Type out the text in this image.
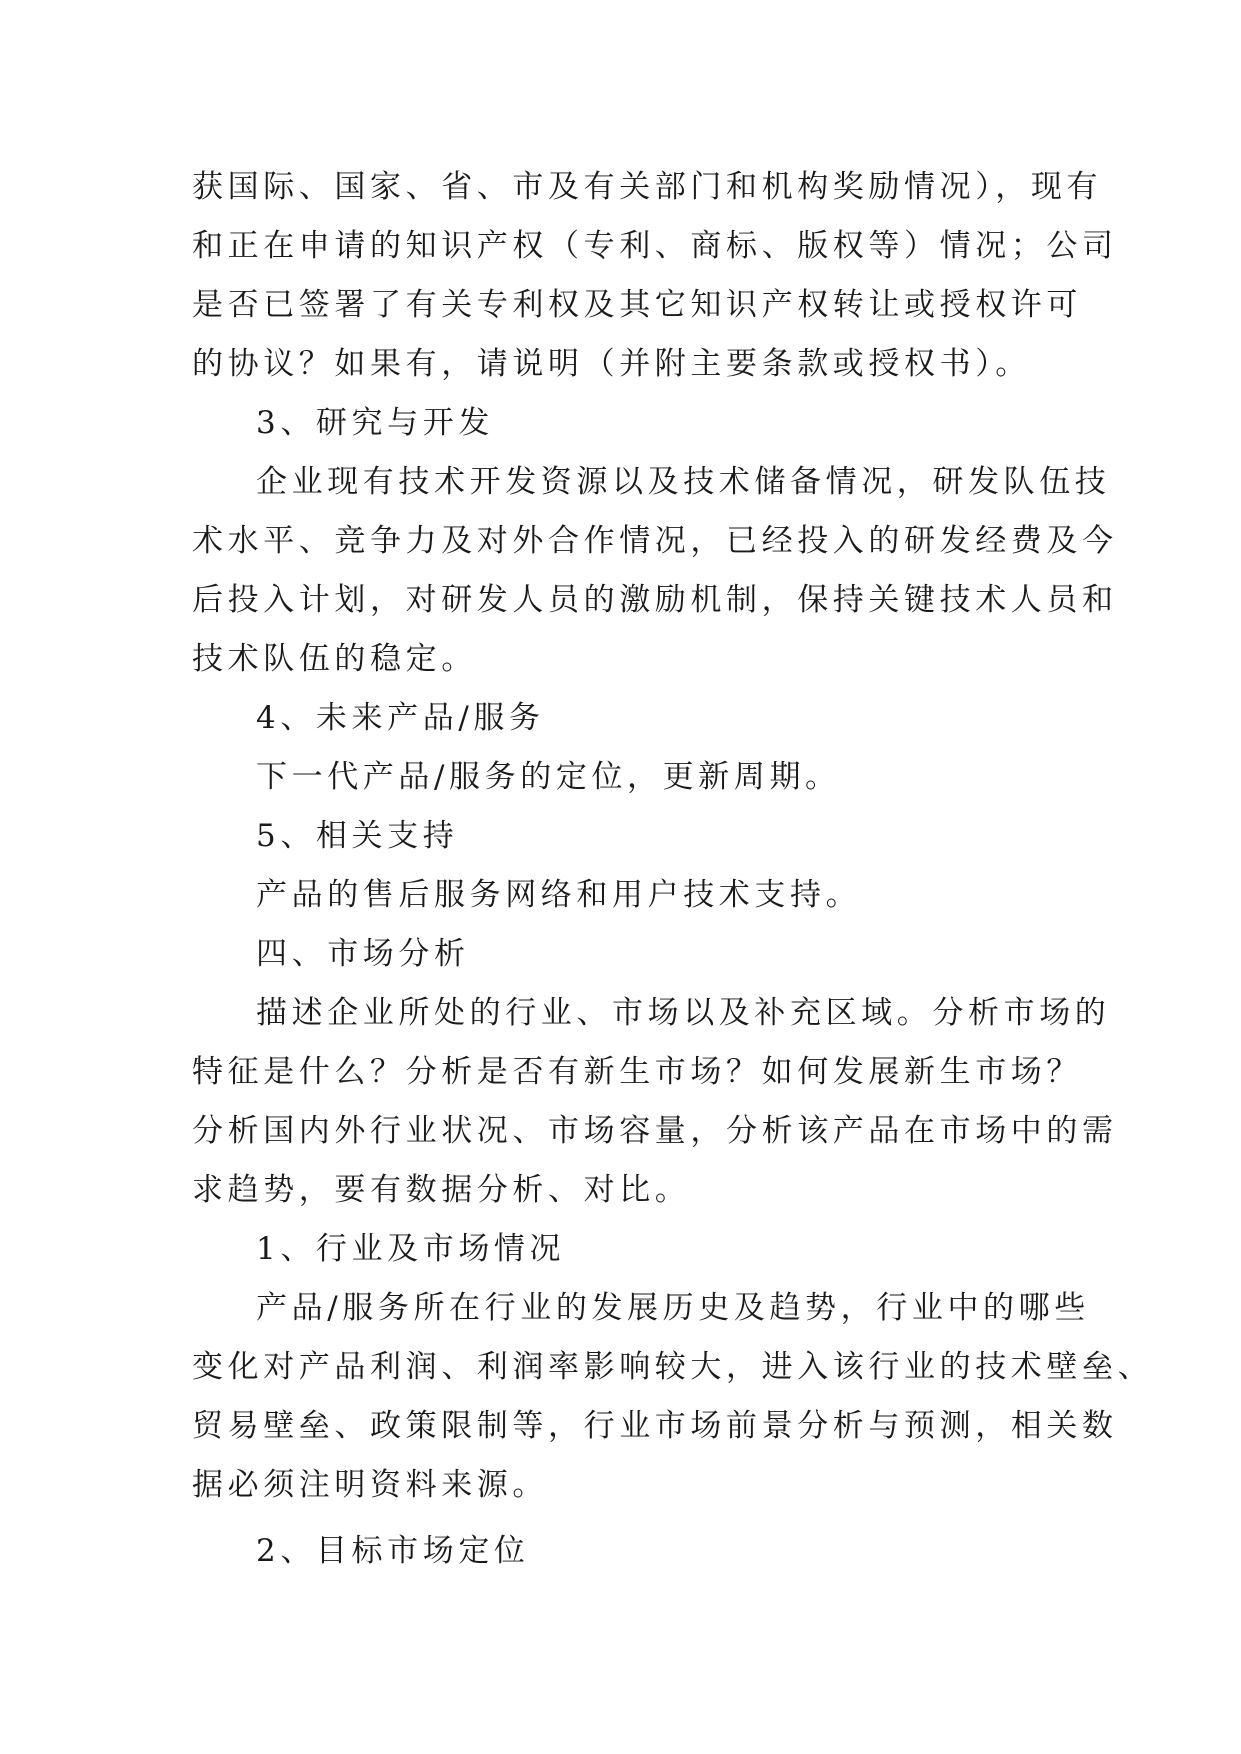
获国际、国家、省、市及有关部门和机构奖励情况），现有
和正在申请的知识产权（专利、商标、版权等）情况；公司
是否已签署了有关专利权及其它知识产权转让或授权许可
的协议？如果有，请说明（并附主要条款或授权书）。
3、研究与开发
企业现有技术开发资源以及技术储备情况，研发队伍技
术水平、竞争力及对外合作情况，已经投入的研发经费及今
后投入计划，对研发人员的激励机制，保持关键技术人员和
技术队伍的稳定。
4、未来产品/服务
下一代产品/服务的定位，更新周期。
5、相关支持
产品的售后服务网络和用户技术支持。
四、市场分析
描述企业所处的行业、市场以及补充区域。分析市场的
特征是什么？分析是否有新生市场？如何发展新生市场？
分析国内外行业状况、市场容量，分析该产品在市场中的需
求趋势，要有数据分析、对比。
1、行业及市场情况
产品/服务所在行业的发展历史及趋势，行业中的哪些
变化对产品利润、利润率影响较大，进入该行业的技术壁垒、
贸易壁垒、政策限制等，行业市场前景分析与预测，相关数
据必须注明资料来源。
2、目标市场定位
